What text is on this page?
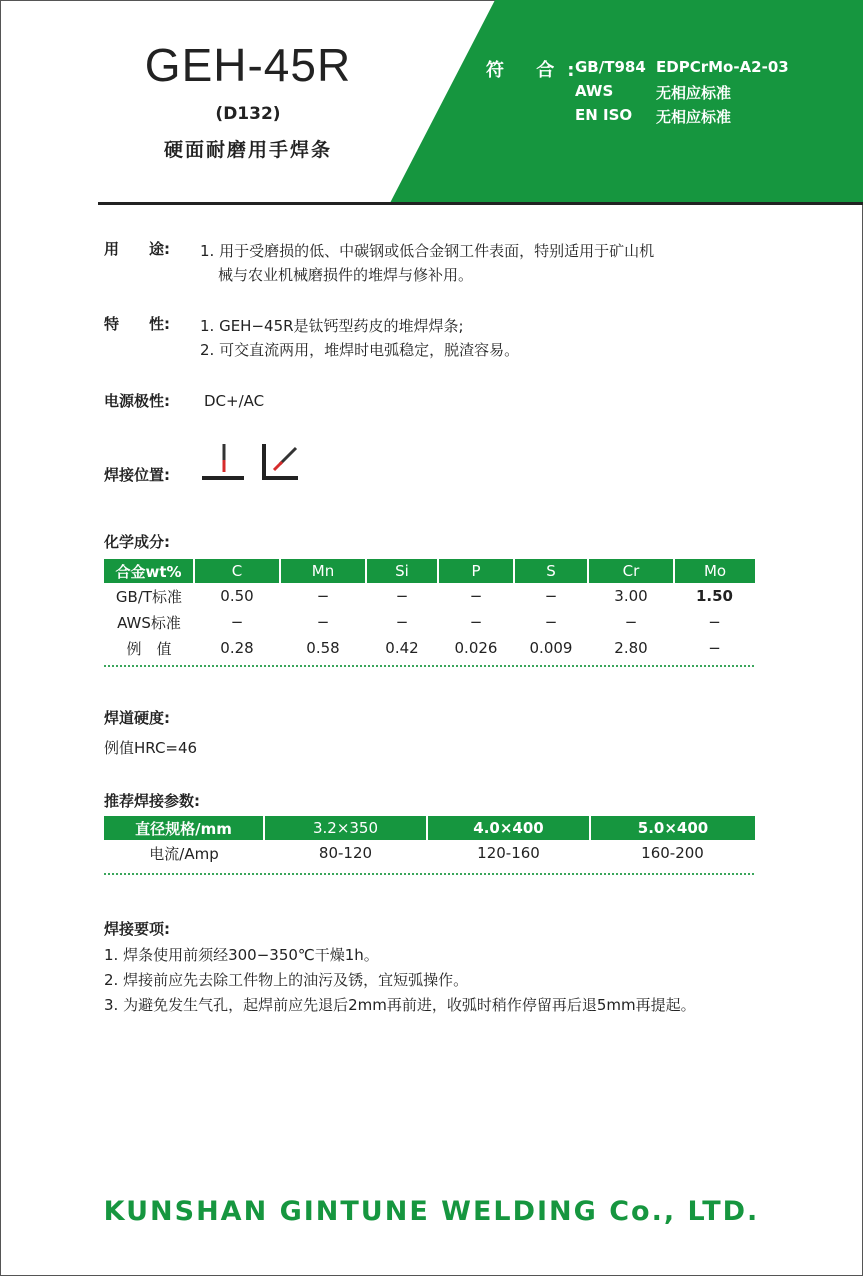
GEH-45R
(D132)
硬面耐磨用手焊条
符 合:
GB/T984 EDPCrMo-A2-03
AWS	无相应标准
EN ISO 无相应标准
用　　途: 1. 用于受磨损的低、中碳钢或低合金钢工件表面，特别适用于矿山机
械与农业机械磨损件的堆焊与修补用。
特　　性: 1. GEH−45R是钛钙型药皮的堆焊焊条;
2. 可交直流两用，堆焊时电弧稳定，脱渣容易。
电源极性: DC+/AC
焊接位置:
化学成分:
合金wt%	C	Mn	Si	P	S	Cr	Mo
GB/T标准	0.50	−	−	−	−	3.00	1.50
AWS标准	−	−	−	−	−	−	−
例　值	0.28	0.58	0.42	0.026	0.009	2.80	−
焊道硬度:
例值HRC=46
推荐焊接参数:
直径规格/mm	3.2×350	4.0×400	5.0×400
电流/Amp	80-120	120-160	160-200
焊接要项:
1. 焊条使用前须经300−350℃干燥1h。
2. 焊接前应先去除工件物上的油污及锈，宜短弧操作。
3. 为避免发生气孔，起焊前应先退后2mm再前进，收弧时稍作停留再后退5mm再提起。
KUNSHAN GINTUNE WELDING Co., LTD.
